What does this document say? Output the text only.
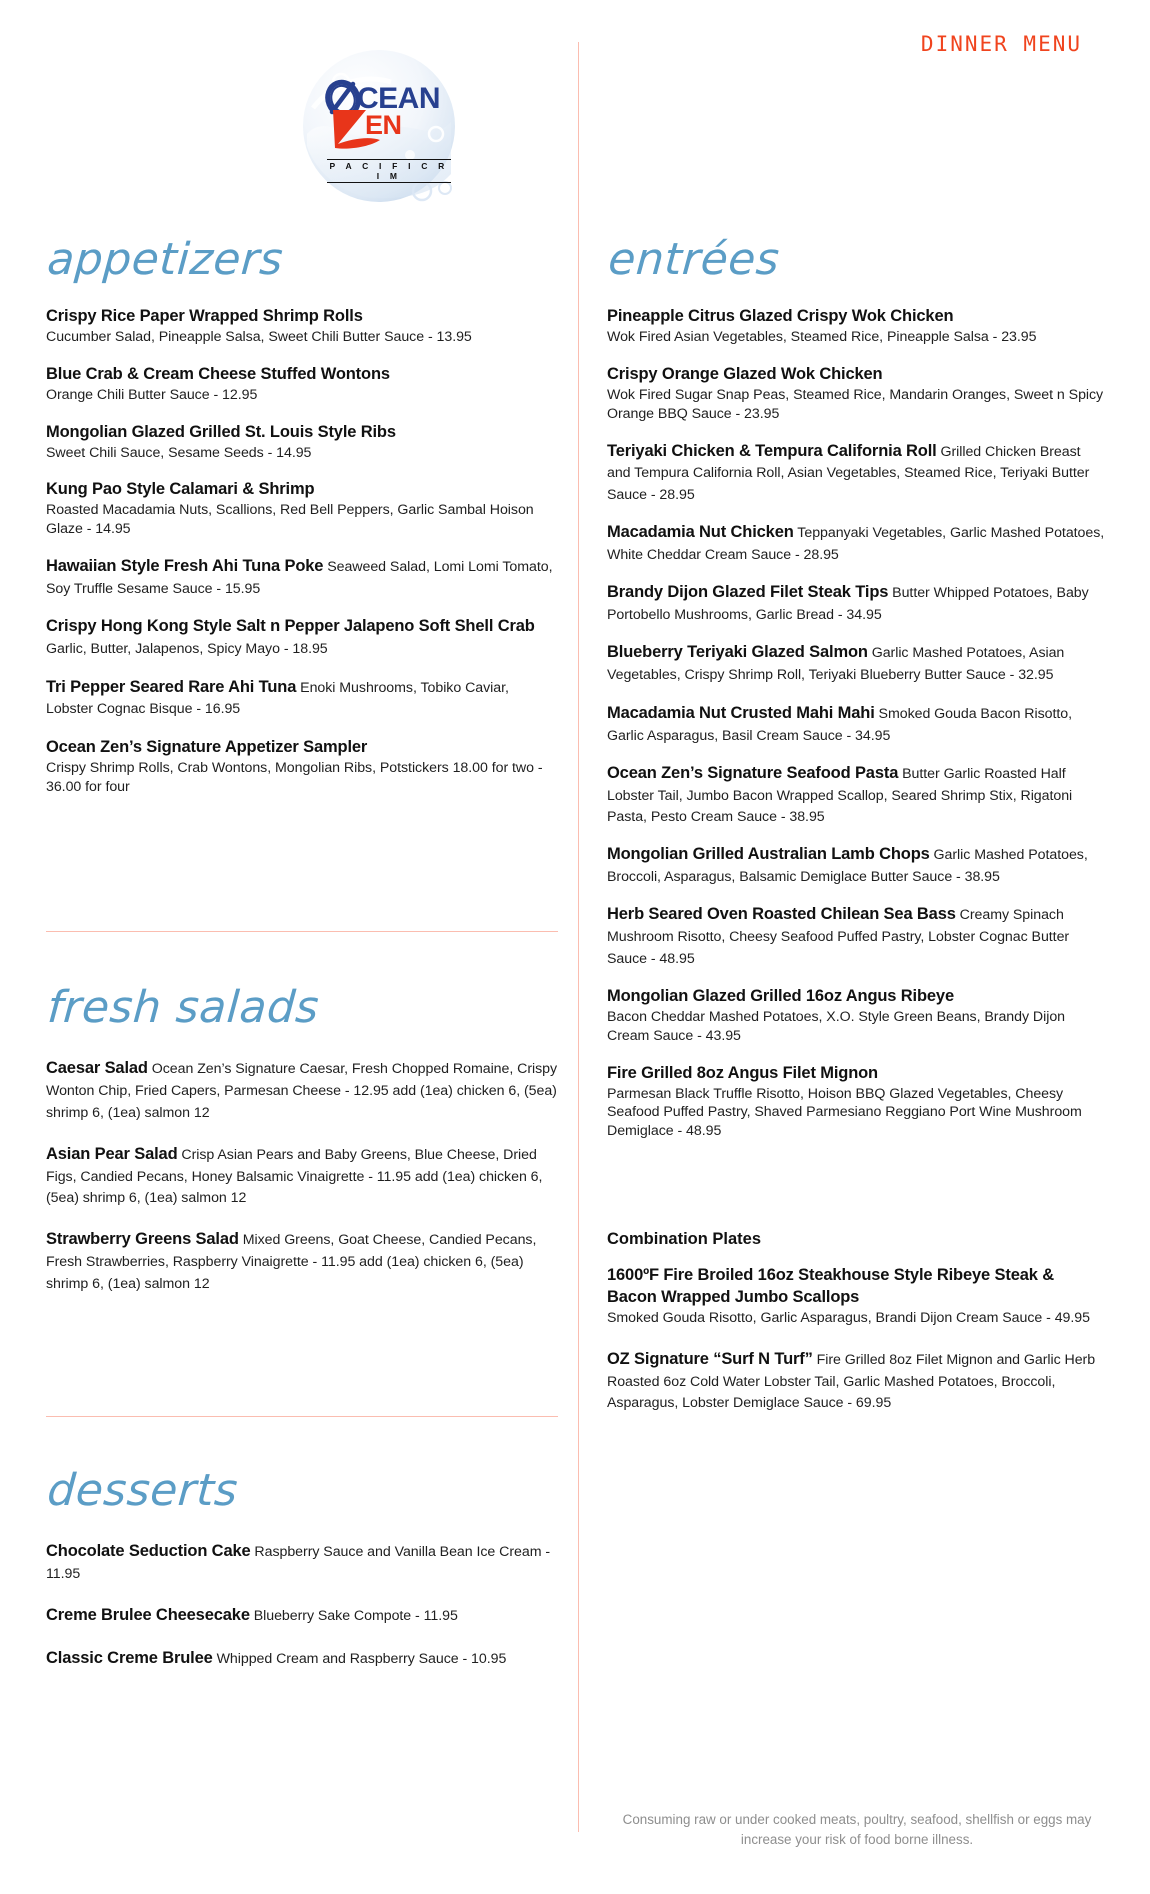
DINNER MENU
CEAN
EN
P A C I F I C R I M
appetizers
Crispy Rice Paper Wrapped Shrimp Rolls
Cucumber Salad, Pineapple Salsa, Sweet Chili Butter Sauce - 13.95
Blue Crab & Cream Cheese Stuffed Wontons
Orange Chili Butter Sauce - 12.95
Mongolian Glazed Grilled St. Louis Style Ribs
Sweet Chili Sauce, Sesame Seeds - 14.95
Kung Pao Style Calamari & Shrimp
Roasted Macadamia Nuts, Scallions, Red Bell Peppers, Garlic Sambal Hoison Glaze - 14.95
Hawaiian Style Fresh Ahi Tuna Poke Seaweed Salad, Lomi Lomi Tomato, Soy Truffle Sesame Sauce - 15.95
Crispy Hong Kong Style Salt n Pepper Jalapeno Soft Shell Crab Garlic, Butter, Jalapenos, Spicy Mayo - 18.95
Tri Pepper Seared Rare Ahi Tuna Enoki Mushrooms, Tobiko Caviar, Lobster Cognac Bisque - 16.95
Ocean Zen’s Signature Appetizer Sampler
Crispy Shrimp Rolls, Crab Wontons, Mongolian Ribs, Potstickers 18.00 for two - 36.00 for four
fresh salads
Caesar Salad Ocean Zen’s Signature Caesar, Fresh Chopped Romaine, Crispy Wonton Chip, Fried Capers, Parmesan Cheese - 12.95 add (1ea) chicken 6, (5ea) shrimp 6, (1ea) salmon 12
Asian Pear Salad Crisp Asian Pears and Baby Greens, Blue Cheese, Dried Figs, Candied Pecans, Honey Balsamic Vinaigrette - 11.95 add (1ea) chicken 6, (5ea) shrimp 6, (1ea) salmon 12
Strawberry Greens Salad Mixed Greens, Goat Cheese, Candied Pecans, Fresh Strawberries, Raspberry Vinaigrette - 11.95 add (1ea) chicken 6, (5ea) shrimp 6, (1ea) salmon 12
desserts
Chocolate Seduction Cake Raspberry Sauce and Vanilla Bean Ice Cream - 11.95
Creme Brulee Cheesecake Blueberry Sake Compote - 11.95
Classic Creme Brulee Whipped Cream and Raspberry Sauce - 10.95
entrées
Pineapple Citrus Glazed Crispy Wok Chicken
Wok Fired Asian Vegetables, Steamed Rice, Pineapple Salsa - 23.95
Crispy Orange Glazed Wok Chicken
Wok Fired Sugar Snap Peas, Steamed Rice, Mandarin Oranges, Sweet n Spicy Orange BBQ Sauce - 23.95
Teriyaki Chicken & Tempura California Roll Grilled Chicken Breast and Tempura California Roll, Asian Vegetables, Steamed Rice, Teriyaki Butter Sauce - 28.95
Macadamia Nut Chicken Teppanyaki Vegetables, Garlic Mashed Potatoes, White Cheddar Cream Sauce - 28.95
Brandy Dijon Glazed Filet Steak Tips Butter Whipped Potatoes, Baby Portobello Mushrooms, Garlic Bread - 34.95
Blueberry Teriyaki Glazed Salmon Garlic Mashed Potatoes, Asian Vegetables, Crispy Shrimp Roll, Teriyaki Blueberry Butter Sauce - 32.95
Macadamia Nut Crusted Mahi Mahi Smoked Gouda Bacon Risotto, Garlic Asparagus, Basil Cream Sauce - 34.95
Ocean Zen’s Signature Seafood Pasta Butter Garlic Roasted Half Lobster Tail, Jumbo Bacon Wrapped Scallop, Seared Shrimp Stix, Rigatoni Pasta, Pesto Cream Sauce - 38.95
Mongolian Grilled Australian Lamb Chops Garlic Mashed Potatoes, Broccoli, Asparagus, Balsamic Demiglace Butter Sauce - 38.95
Herb Seared Oven Roasted Chilean Sea Bass Creamy Spinach Mushroom Risotto, Cheesy Seafood Puffed Pastry, Lobster Cognac Butter Sauce - 48.95
Mongolian Glazed Grilled 16oz Angus Ribeye
Bacon Cheddar Mashed Potatoes, X.O. Style Green Beans, Brandy Dijon Cream Sauce - 43.95
Fire Grilled 8oz Angus Filet Mignon
Parmesan Black Truffle Risotto, Hoison BBQ Glazed Vegetables, Cheesy Seafood Puffed Pastry, Shaved Parmesiano Reggiano Port Wine Mushroom Demiglace - 48.95
Combination Plates
1600ºF Fire Broiled 16oz Steakhouse Style Ribeye Steak & Bacon Wrapped Jumbo Scallops
Smoked Gouda Risotto, Garlic Asparagus, Brandi Dijon Cream Sauce - 49.95
OZ Signature “Surf N Turf” Fire Grilled 8oz Filet Mignon and Garlic Herb Roasted 6oz Cold Water Lobster Tail, Garlic Mashed Potatoes, Broccoli, Asparagus, Lobster Demiglace Sauce - 69.95
Consuming raw or under cooked meats, poultry, seafood, shellfish or eggs may increase your risk of food borne illness.
